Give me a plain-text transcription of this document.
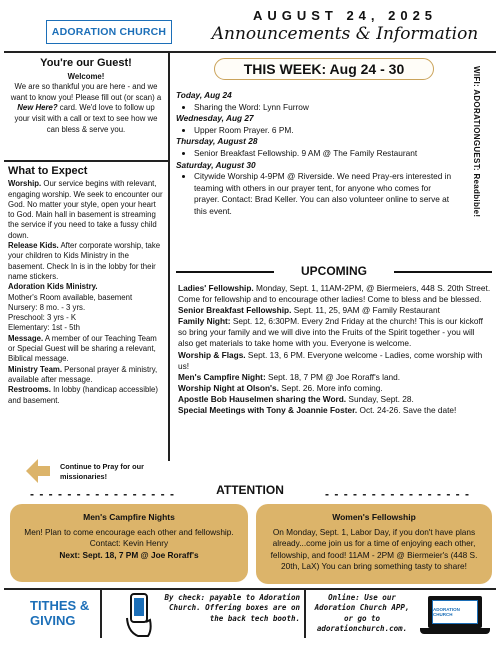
ADORATION CHURCH
AUGUST 24, 2025
Announcements & Information
You're our Guest!
Welcome!
We are so thankful you are here - and we want to know you! Please fill out (or scan) a New Here? card. We'd love to follow up your visit with a call or text to see how we can bless & serve you.
What to Expect
Worship. Our service begins with relevant, engaging worship. We seek to encounter our God. No matter your style, open your heart to God. Main hall in basement is streaming the service if you need to take a fussy child down.
Release Kids. After corporate worship, take your children to Kids Ministry in the basement. Check In is in the lobby for their name stickers.
Adoration Kids Ministry.
Mother's Room available, basement
Nursery: 8 mo. - 3 yrs.
Preschool: 3 yrs - K
Elementary: 1st - 5th
Message. A member of our Teaching Team or Special Guest will be sharing a relevant, Biblical message.
Ministry Team. Personal prayer & ministry, available after message.
Restrooms. In lobby (handicap accessible) and basement.
Continue to Pray for our missionaries!
THIS WEEK: Aug 24 - 30	WIFI: ADORATIONGUEST: Readbible!
Today, Aug 24
• Sharing the Word: Lynn Furrow
Wednesday, Aug 27
• Upper Room Prayer. 6 PM.
Thursday, August 28
• Senior Breakfast Fellowship. 9 AM @ The Family Restaurant
Saturday, August 30
• Citywide Worship 4-9PM @ Riverside. We need Pray-ers interested in teaming with others in our prayer tent, for anyone who comes for prayer. Contact: Brad Keller. You can also volunteer online to serve at this event.
UPCOMING

Ladies' Fellowship. Monday, Sept. 1, 11AM-2PM, @ Biermeiers, 448 S. 20th Street. Come for fellowship and to encourage other ladies! Come to bless and be blessed.

Senior Breakfast Fellowship. Sept. 11, 25, 9AM @ Family Restaurant

Family Night: Sept. 12, 6:30PM. Every 2nd Friday at the church! This is our kickoff so bring your family and we will dive into the Fruits of the Spirit together - you will also get materials to take home with you. Everyone is welcome.

Worship & Flags. Sept. 13, 6 PM. Everyone welcome - Ladies, come worship with us!

Men's Campfire Night: Sept. 18, 7 PM @ Joe Roraff's land.

Worship Night at Olson's. Sept. 26. More info coming.

Apostle Bob Hauselmen sharing the Word. Sunday, Sept. 28.

Special Meetings with Tony & Joannie Foster. Oct. 24-26. Save the date!

- - - - - - - - - - - - - - - -	ATTENTION	- - - - - - - - - - - - - - - -
Men's Campfire Nights
Men! Plan to come encourage each other and fellowship. Contact: Kevin Henry
Next: Sept. 18, 7 PM @ Joe Roraff's
Women's Fellowship
On Monday, Sept. 1, Labor Day, if you don't have plans already...come join us for a time of enjoying each other, fellowship, and food! 11AM - 2PM @ Biermeier's (448 S. 20th, LaX) You can bring something tasty to share!
TITHES & GIVING
By check: payable to Adoration Church. Offering boxes are on the back tech booth.
Online: Use our Adoration Church APP, or go to adorationchurch.com.
ADORATION CHURCH
